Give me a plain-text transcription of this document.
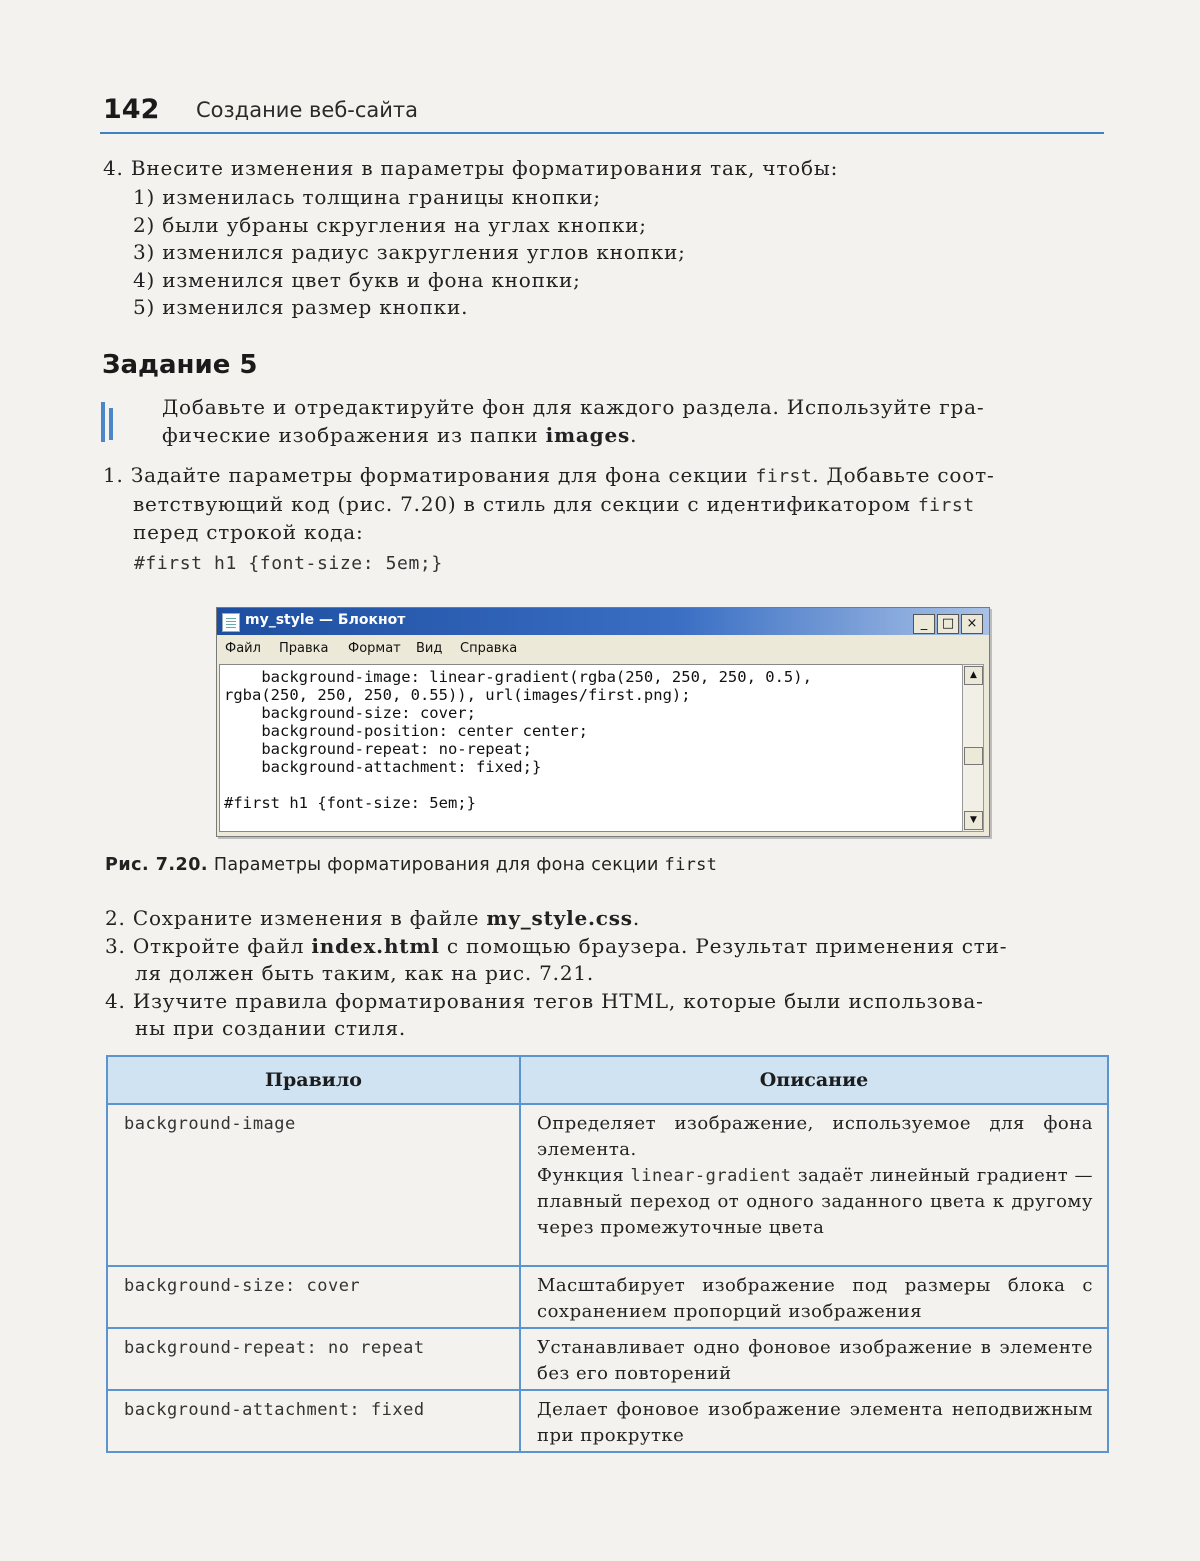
142 Создание веб-сайта
4. Внесите изменения в параметры форматирования так, чтобы:
1) изменилась толщина границы кнопки;
2) были убраны скругления на углах кнопки;
3) изменился радиус закругления углов кнопки;
4) изменился цвет букв и фона кнопки;
5) изменился размер кнопки.
Задание 5
Добавьте и отредактируйте фон для каждого раздела. Используйте гра-
фические изображения из папки images.
1. Задайте параметры форматирования для фона секции first. Добавьте соот-
ветствующий код (рис. 7.20) в стиль для секции с идентификатором first
перед строкой кода:
#first h1 {font-size: 5em;}
my_style — Блокнот	_ □ ×
Файл Правка Формат Вид Справка
background-image: linear-gradient(rgba(250, 250, 250, 0.5),
rgba(250, 250, 250, 0.55)), url(images/first.png);
background-size: cover;
background-position: center center;
background-repeat: no-repeat;
background-attachment: fixed;}
#first h1 {font-size: 5em;}
▲
▼
Рис. 7.20. Параметры форматирования для фона секции first
2. Сохраните изменения в файле my_style.css.
3. Откройте файл index.html с помощью браузера. Результат применения сти-
ля должен быть таким, как на рис. 7.21.
4. Изучите правила форматирования тегов HTML, которые были использова-
ны при создании стиля.
Правило	Описание
background-image	Определяет изображение, используемое для фона элемента.
Функция linear-gradient задаёт линейный градиент — плавный переход от одного заданного цвета к другому через промежуточные цвета
background-size: cover	Масштабирует изображение под размеры блока с сохранением пропорций изображения
background-repeat: no repeat	Устанавливает одно фоновое изображение в элементе без его повторений
background-attachment: fixed	Делает фоновое изображение элемента неподвижным при прокрутке
